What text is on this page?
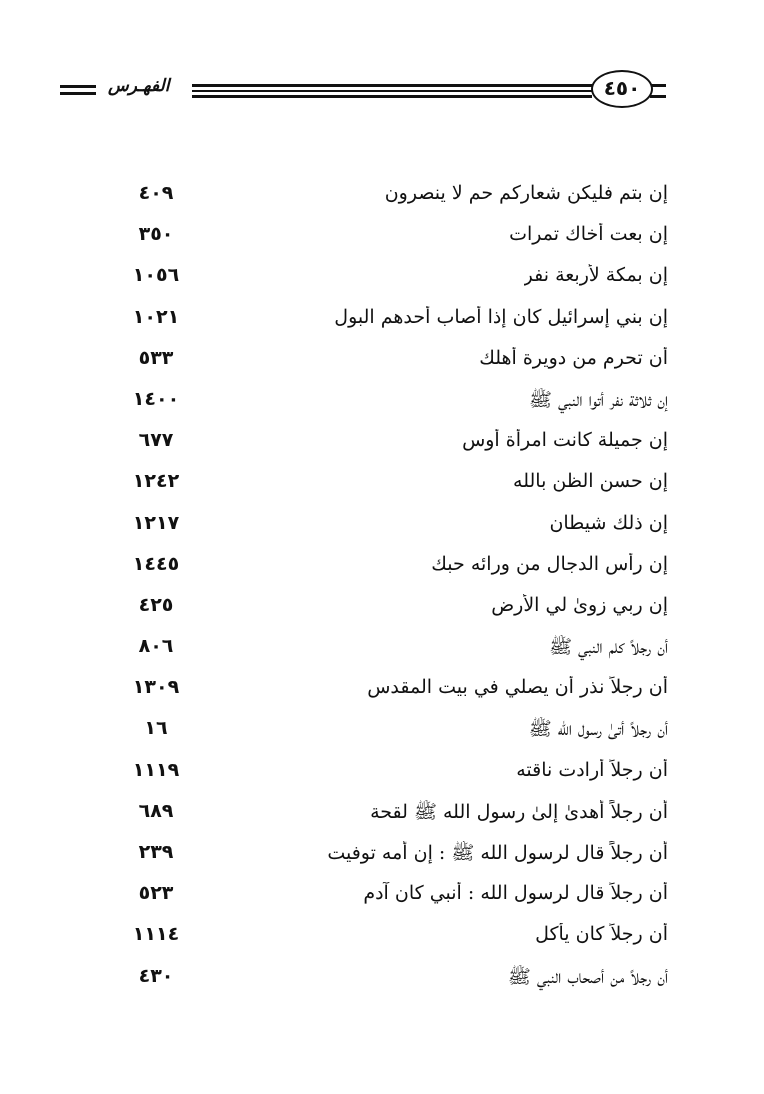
الفهـرس	٤٥٠
إن بتم فليكن شعاركم حم لا ينصرون
٤٠٩
إن بعت أخاك تمرات
٣٥٠
إن بمكة لأربعة نفر
١٠٥٦
إن بني إسرائيل كان إذا أصاب أحدهم البول
١٠٢١
أن تحرم من دويرة أهلك
٥٣٣
إن ثلاثة نفر أتوا النبي ﷺ
١٤٠٠
إن جميلة كانت امرأة أوس
٦٧٧
إن حسن الظن بالله
١٢٤٢
إن ذلك شيطان
١٢١٧
إن رأس الدجال من ورائه حبك
١٤٤٥
إن ربي زوىٰ لي الأرض
٤٢٥
أن رجلاً كلم النبي ﷺ
٨٠٦
أن رجلاً نذر أن يصلي في بيت المقدس
١٣٠٩
أن رجلاً أتىٰ رسول الله ﷺ
١٦
أن رجلاً أرادت ناقته
١١١٩
أن رجلاً أهدىٰ إلىٰ رسول الله ﷺ لقحة
٦٨٩
أن رجلاً قال لرسول الله ﷺ : إن أمه توفيت
٢٣٩
أن رجلاً قال لرسول الله : أنبي كان آدم
٥٢٣
أن رجلاً كان يأكل
١١١٤
أن رجلاً من أصحاب النبي ﷺ
٤٣٠
